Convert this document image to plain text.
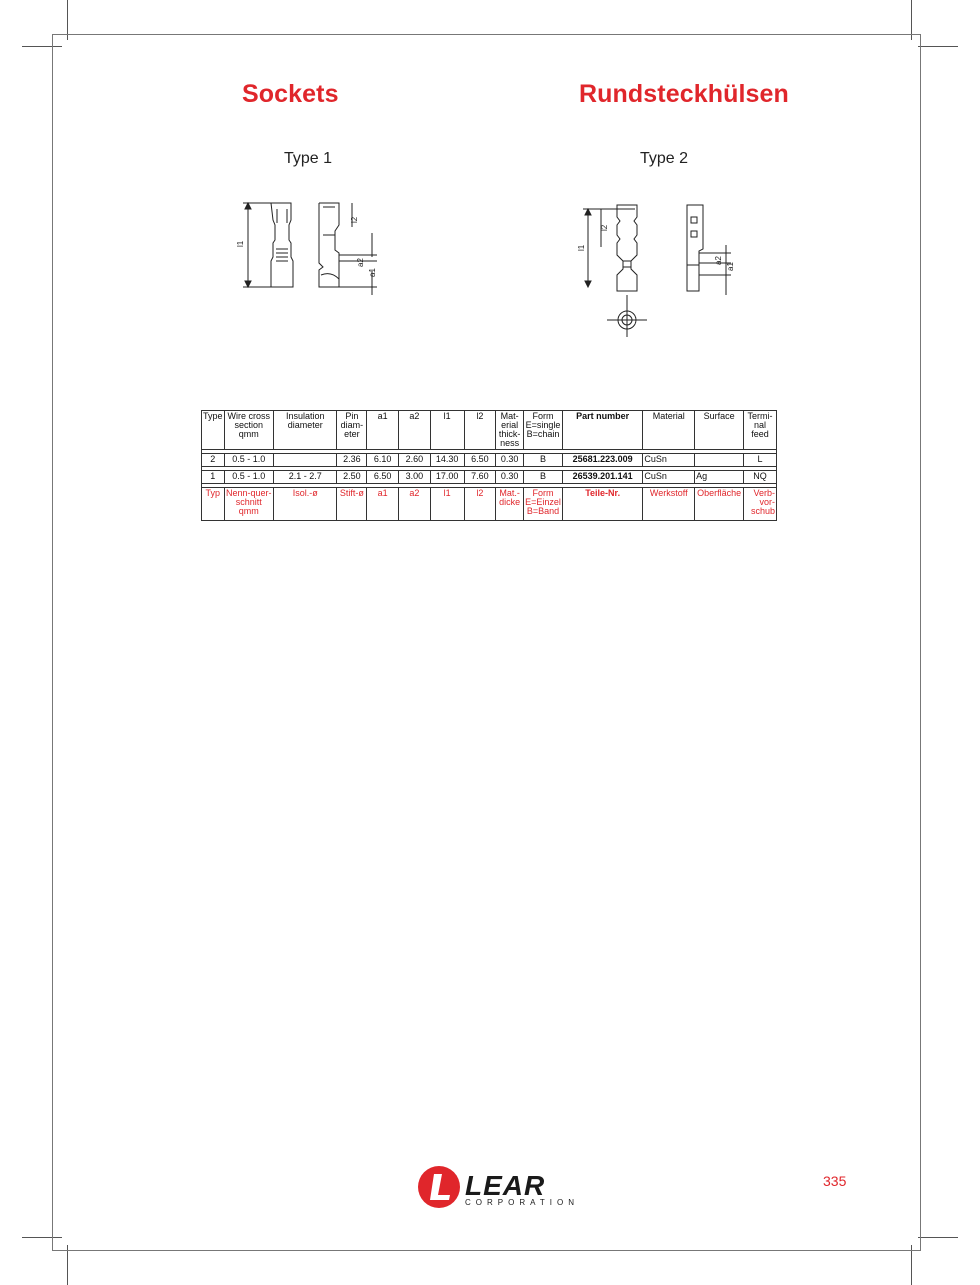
Sockets	Rundsteckhülsen
Type 1	Type 2
l1
l2
a2
a1
l1
l2
a2
a1
Type	Wire cross section qmm	Insulation diameter	Pin diam-eter	a1	a2	l1	l2	Mat-erial thick-ness	Form E=single B=chain	Part number	Material	Surface	Termi-nal feed

2	0.5 - 1.0		2.36	6.10	2.60	14.30	6.50	0.30	B	25681.223.009	CuSn		L

1	0.5 - 1.0	2.1 - 2.7	2.50	6.50	3.00	17.00	7.60	0.30	B	26539.201.141	CuSn	Ag	NQ

Typ	Nenn-quer-schnitt qmm	Isol.-ø	Stift-ø	a1	a2	l1	l2	Mat.-dicke	Form E=Einzel B=Band	Teile-Nr.	Werkstoff	Oberfläche	Verb-vor-schub
LEAR
CORPORATION
335
